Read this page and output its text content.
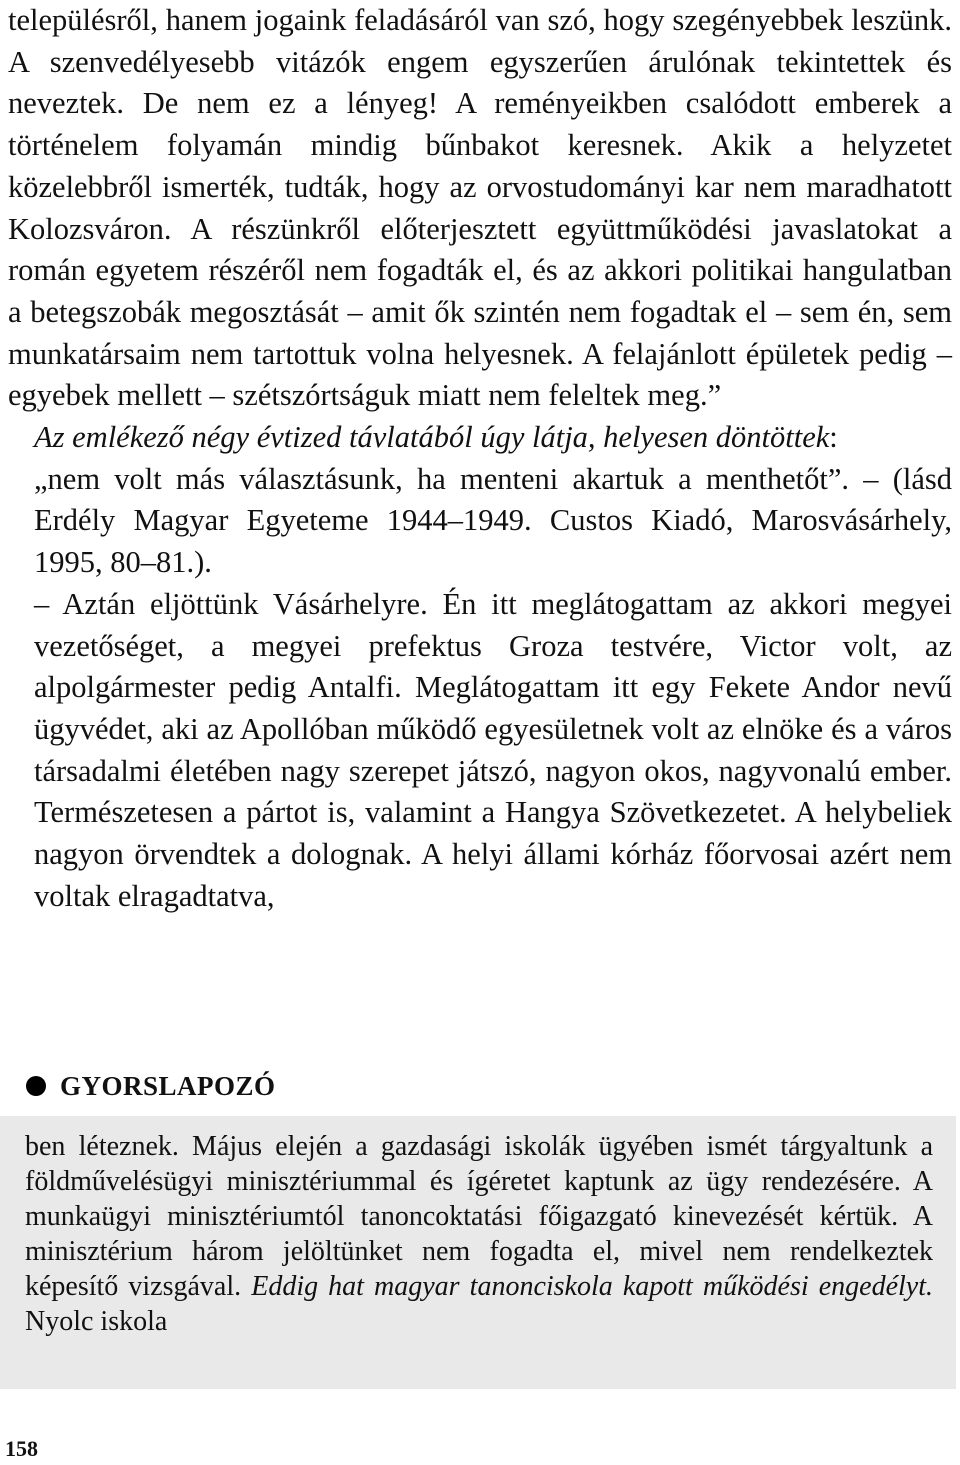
településről, hanem jogaink feladásáról van szó, hogy szegényebbek leszünk. A szenvedélyesebb vitázók engem egyszerűen árulónak tekintettek és neveztek. De nem ez a lényeg! A reményeikben csalódott emberek a történelem folyamán mindig bűnbakot keresnek. Akik a helyzetet közelebbről ismerték, tudták, hogy az orvostudományi kar nem maradhatott Kolozsváron. A részünkről előterjesztett együttműködési javaslatokat a román egyetem részéről nem fogadták el, és az akkori politikai hangulatban a betegszobák megosztását – amit ők szintén nem fogadtak el – sem én, sem munkatársaim nem tartottuk volna helyesnek. A felajánlott épületek pedig – egyebek mellett – szétszórtságuk miatt nem feleltek meg.”

Az emlékező négy évtized távlatából úgy látja, helyesen döntöttek:

„nem volt más választásunk, ha menteni akartuk a menthetőt”. – (lásd Erdély Magyar Egyeteme 1944–1949. Custos Kiadó, Marosvásárhely, 1995, 80–81.).

– Aztán eljöttünk Vásárhelyre. Én itt meglátogattam az akkori megyei vezetőséget, a megyei prefektus Groza testvére, Victor volt, az alpolgármester pedig Antalfi. Meglátogattam itt egy Fekete Andor nevű ügyvédet, aki az Apollóban működő egyesületnek volt az elnöke és a város társadalmi életében nagy szerepet játszó, nagyon okos, nagyvonalú ember. Természetesen a pártot is, valamint a Hangya Szövetkezetet. A helybeliek nagyon örvendtek a dolognak. A helyi állami kórház főorvosai azért nem voltak elragadtatva,

GYORSLAPOZÓ

ben léteznek. Május elején a gazdasági iskolák ügyében ismét tárgyaltunk a földművelésügyi minisztériummal és ígéretet kaptunk az ügy rendezésére. A munkaügyi minisztériumtól tanoncoktatási főigazgató kinevezését kértük. A minisztérium három jelöltünket nem fogadta el, mivel nem rendelkeztek képesítő vizsgával. Eddig hat magyar tanonciskola kapott működési engedélyt. Nyolc iskola

158
